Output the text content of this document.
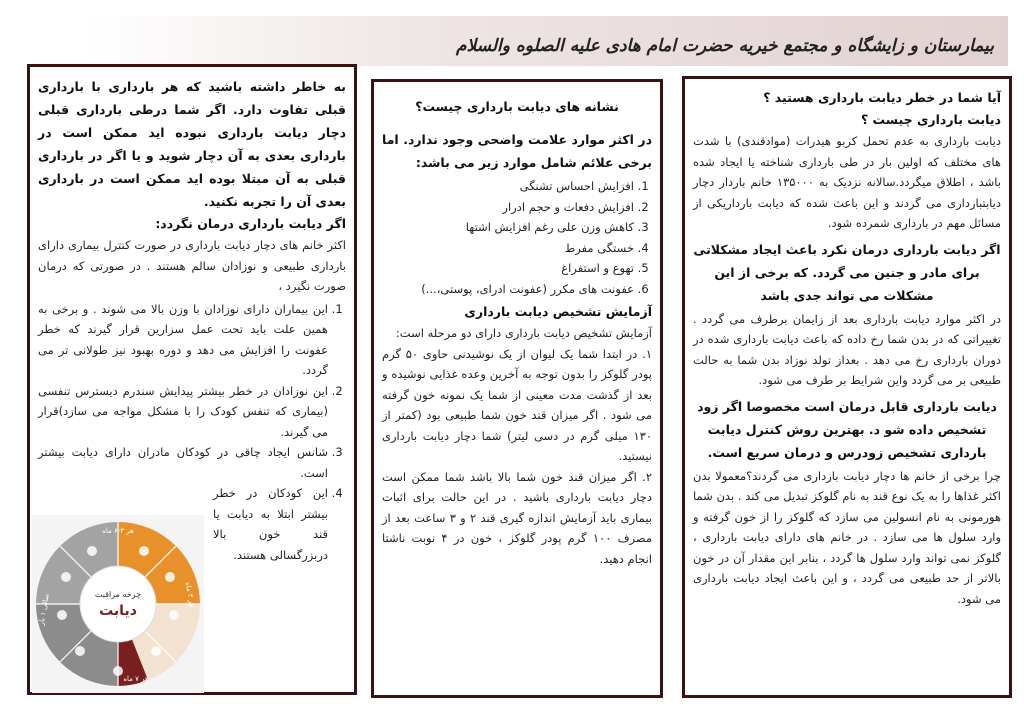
بیمارستان و زایشگاه و مجتمع خیریه حضرت امام هادی علیه الصلوه والسلام
آیا شما در خطر دیابت بارداری هستید ؟
دیابت بارداری چیست ؟

دیابت بارداری به عدم تحمل کربو هیدرات (موادقندی) با شدت های مختلف که اولین بار در طی بارداری شناخته یا ایجاد شده باشد ، اطلاق میگردد.سالانه نزدیک به ۱۳۵۰۰۰ خانم باردار دچار دیابتبارداری می گردند و این باعث شده که دیابت بارداریکی از مسائل مهم در بارداری شمرده شود.

اگر دیابت بارداری درمان نکرد باعث ایجاد مشکلاتی برای مادر و جنین می گردد. که برخی از این مشکلات می تواند جدی باشد

در اکثر موارد دیابت بارداری بعد از زایمان برطرف می گردد . تغییراتی که در بدن شما رخ داده که باعث دیابت بارداری شده در دوران بارداری رخ می دهد . بعداز تولد نوزاد بدن شما به حالت طبیعی بر می گردد واین شرایط بر طرف می شود.

دیابت بارداری قابل درمان است مخصوصا اگر زود تشخیص داده شو د. بهترین روش کنترل دیابت بارداری تشخیص زودرس و درمان سریع است.

چرا برخی از خانم ها دچار دیابت بارداری می گردند؟معمولا بدن اکثر غذاها را به یک نوع قند به نام گلوکز تبدیل می کند . بدن شما هورمونی به نام انسولین می سازد که گلوکز را از خون گرفته و وارد سلول ها می سازد . در خانم های دارای دیابت بارداری ، گلوکز نمی تواند وارد سلول ها گردد ، بنابر این مقدار آن در خون بالاتر از حد طبیعی می گردد ، و این باعث ایجاد دیابت بارداری می شود.

نشانه های دیابت بارداری چیست؟

در اکثر موارد علامت واضحی وجود ندارد. اما برخی علائم شامل موارد زیر می باشد:

1. افزایش احساس تشنگی
2. افزایش دفعات و حجم ادرار
3. کاهش وزن علی رغم افزایش اشتها
4. خستگی مفرط
5. تهوع و استفراغ
6. عفونت های مکرر (عفونت ادرای، پوستی،...)
آزمایش تشخیص دیابت بارداری

آزمایش تشخیص دیابت بارداری دارای دو مرحله است:

۱. در ابتدا شما یک لیوان از یک نوشیدنی حاوی ۵۰ گرم پودر گلوکز را بدون توجه به آخرین وعده غذایی نوشیده و بعد از گذشت مدت معینی از شما یک نمونه خون گرفته می شود . اگر میزان قند خون شما طبیعی بود (کمتر از ۱۳۰ میلی گرم در دسی لیتر) شما دچار دیابت بارداری نیستید.

۲. اگر میزان قند خون شما بالا باشد شما ممکن است دچار دیابت بارداری باشید . در این حالت برای اثبات بیماری باید آزمایش اندازه گیری قند ۲ و ۳ ساعت بعد از مصرف ۱۰۰ گرم پودر گلوکز ، خون در ۴ نوبت ناشتا انجام دهید.

به خاطر داشته باشید که هر بارداری با بارداری قبلی تفاوت دارد. اگر شما درطی بارداری قبلی دچار دیابت بارداری نبوده اید ممکن است در بارداری بعدی به آن دچار شوید و یا اگر در بارداری قبلی به آن مبتلا بوده اید ممکن است در بارداری بعدی آن را تجربه نکنید.

اگر دیابت بارداری درمان نگردد:

اکثر خانم های دچار دیابت بارداری در صورت کنترل بیماری دارای بارداری طبیعی و نوزادان سالم هستند . در صورتی که درمان صورت نگیرد ،

1. این بیماران دارای نوزادان با وزن بالا می شوند . و برخی به همین علت باید تحت عمل سزارین قرار گیرند که خطر عفونت را افزایش می دهد و دوره بهبود نیز طولانی تر می گردد.
2. این نوزادان در خطر بیشتر پیدایش سندرم دیسترس تنفسی (بیماری که تنفس کودک را با مشکل مواجه می سازد)قرار می گیرند.
3. شانس ایجاد چاقی در کودکان مادران دارای دیابت بیشتر است.
4. این کودکان در خطر بیشتر ابتلا به دیابت یا قند خون بالا دربزرگسالی هستند.
چرخه مراقبت
دیابت
هر ۳-۶ ماه
هر ۳ ماه
هر ۷ ماه
سالی ۱ بار
